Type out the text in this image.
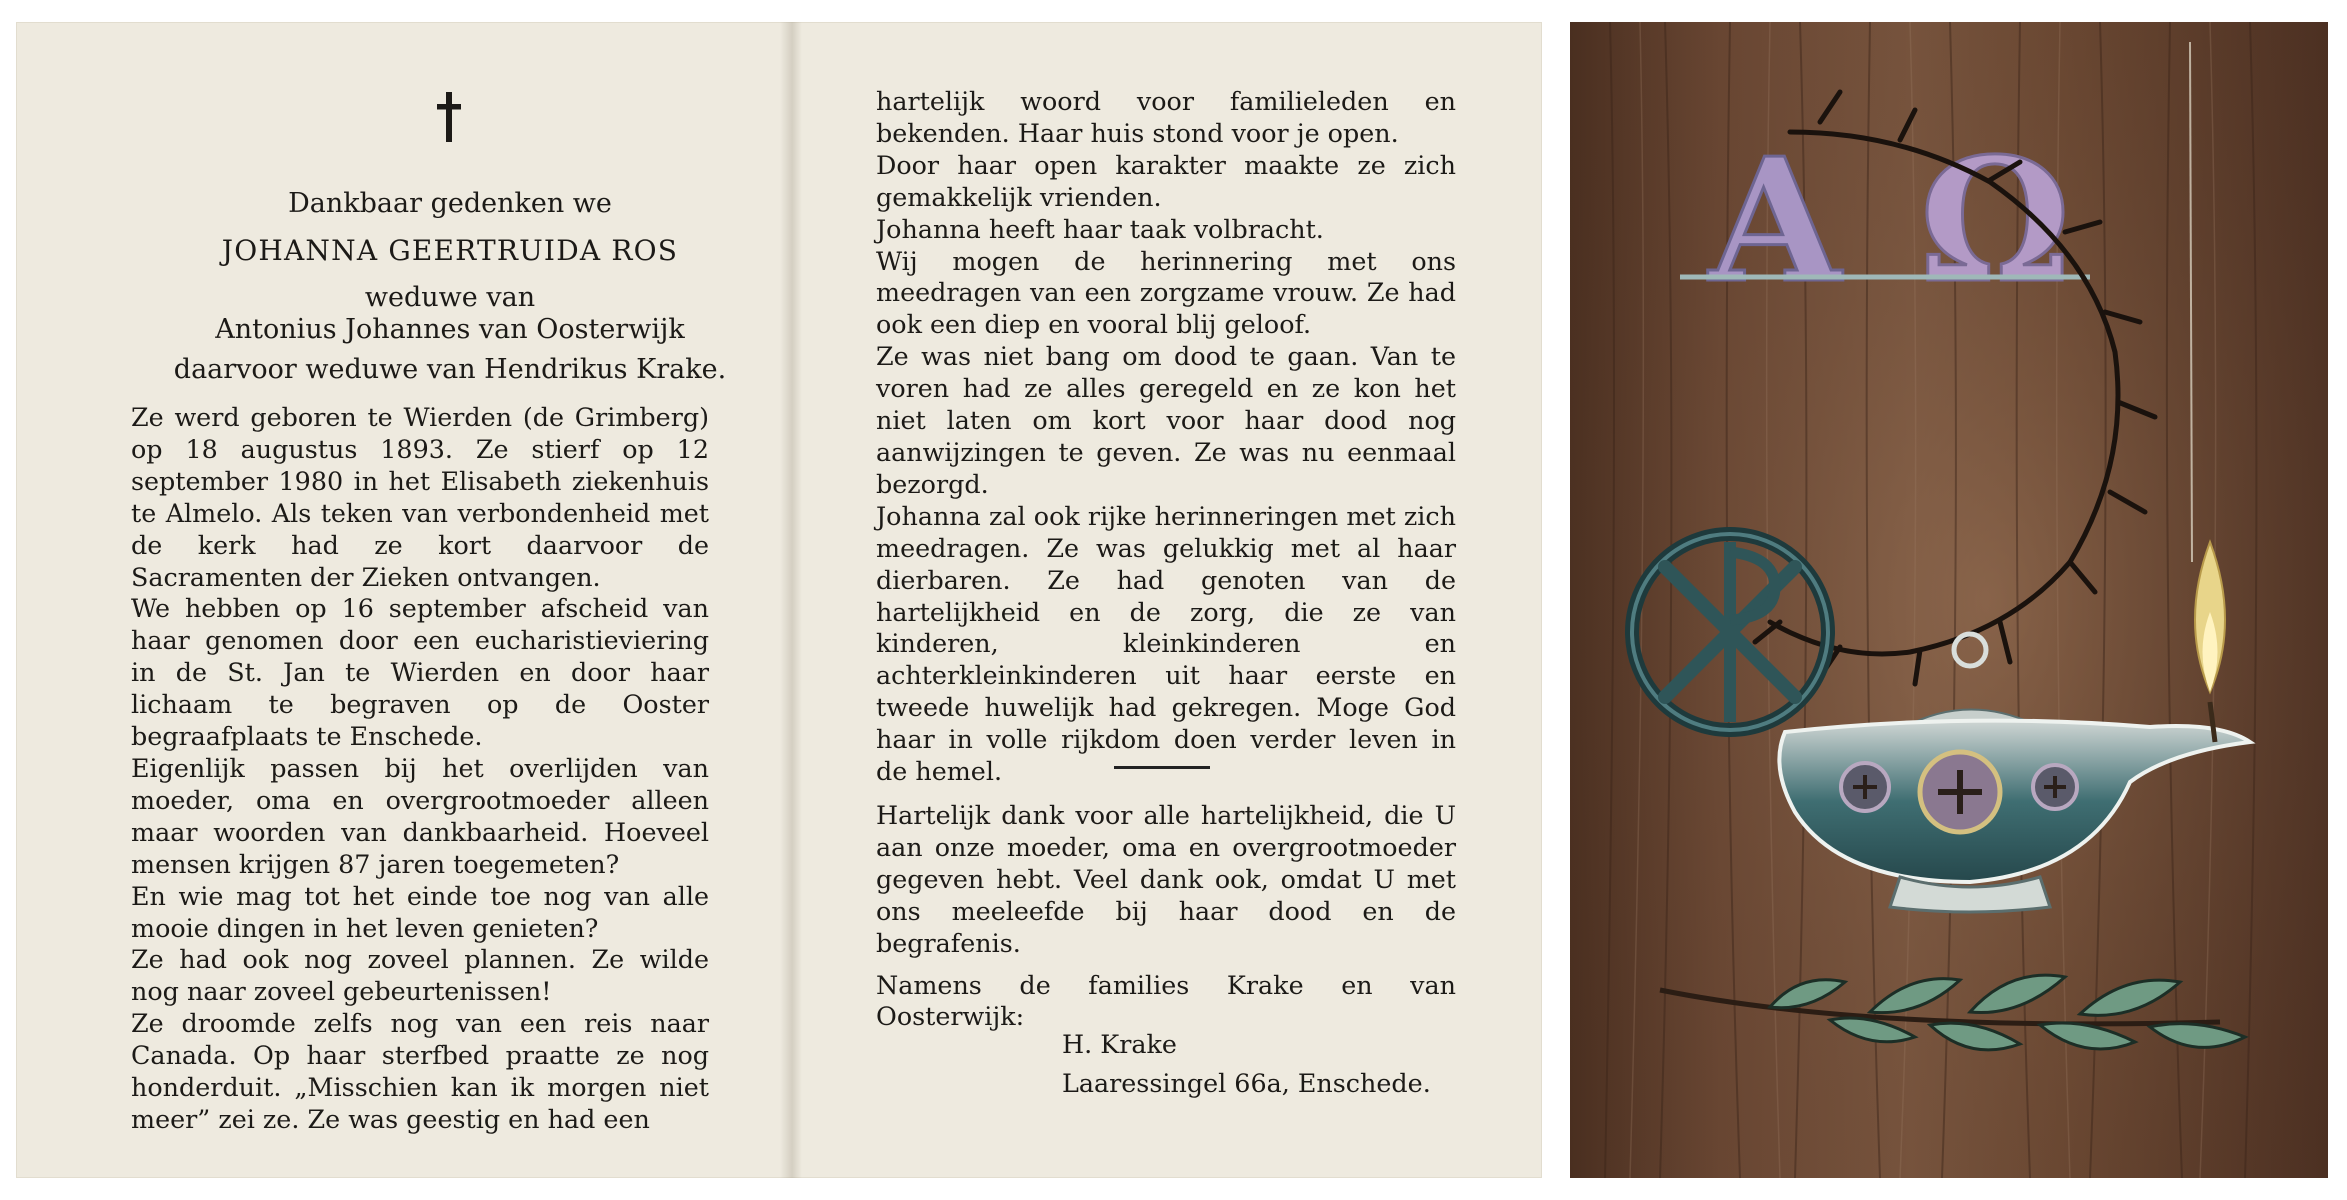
Dankbaar gedenken we
JOHANNA GEERTRUIDA ROS
weduwe van
Antonius Johannes van Oosterwijk
daarvoor weduwe van Hendrikus Krake.

Ze werd geboren te Wierden (de Grimberg) op 18 augustus 1893. Ze stierf op 12 september 1980 in het Elisabeth ziekenhuis te Almelo. Als teken van verbondenheid met de kerk had ze kort daarvoor de Sacramenten der Zieken ontvangen.

We hebben op 16 september afscheid van haar genomen door een eucharistieviering in de St. Jan te Wierden en door haar lichaam te begraven op de Ooster begraafplaats te Enschede.

Eigenlijk passen bij het overlijden van moeder, oma en overgrootmoeder alleen maar woorden van dankbaarheid. Hoeveel mensen krijgen 87 jaren toegemeten?

En wie mag tot het einde toe nog van alle mooie dingen in het leven genieten?

Ze had ook nog zoveel plannen. Ze wilde nog naar zoveel gebeurtenissen!

Ze droomde zelfs nog van een reis naar Canada. Op haar sterfbed praatte ze nog honderduit. „Misschien kan ik morgen niet meer” zei ze. Ze was geestig en had een

hartelijk woord voor familieleden en bekenden. Haar huis stond voor je open.

Door haar open karakter maakte ze zich gemakkelijk vrienden.

Johanna heeft haar taak volbracht.

Wij mogen de herinnering met ons meedragen van een zorgzame vrouw. Ze had ook een diep en vooral blij geloof.

Ze was niet bang om dood te gaan. Van te voren had ze alles geregeld en ze kon het niet laten om kort voor haar dood nog aanwijzingen te geven. Ze was nu eenmaal bezorgd.

Johanna zal ook rijke herinneringen met zich meedragen. Ze was gelukkig met al haar dierbaren. Ze had genoten van de hartelijkheid en de zorg, die ze van kinderen, kleinkinderen en achterkleinkinderen uit haar eerste en tweede huwelijk had gekregen. Moge God haar in volle rijkdom doen verder leven in de hemel.

Hartelijk dank voor alle hartelijkheid, die U aan onze moeder, oma en overgrootmoeder gegeven hebt. Veel dank ook, omdat U met ons meeleefde bij haar dood en de begrafenis.

Namens de families Krake en van Oosterwijk:

H. Krake
Laaressingel 66a, Enschede.
Α Ω
